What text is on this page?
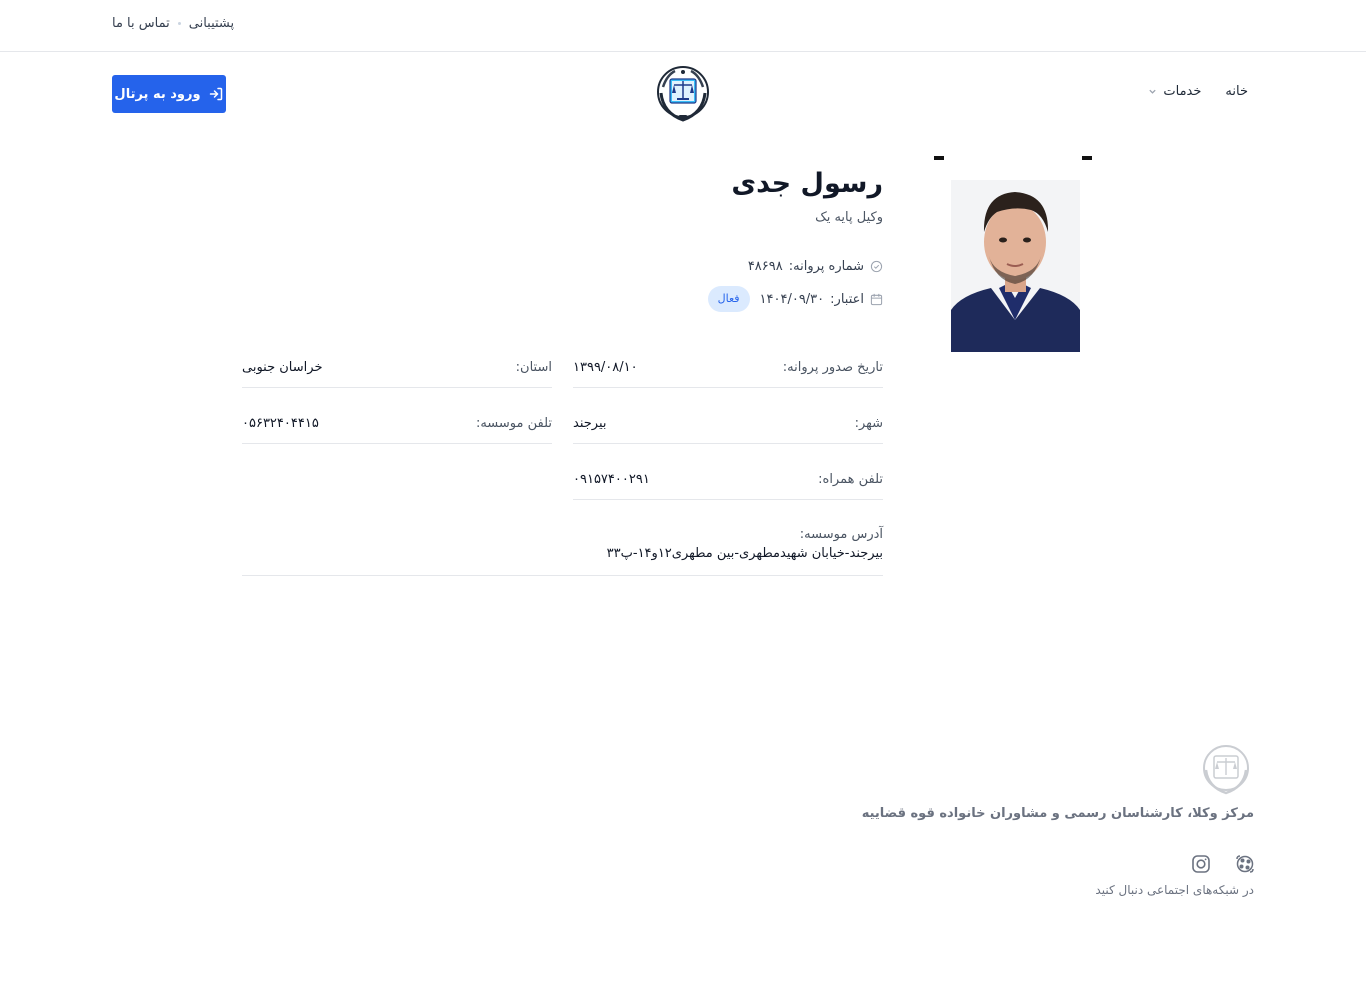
پشتیبانی
تماس با ما
ورود به پرتال	خانه
خدمات
رسول جدی
وکیل پایه یک
شماره پروانه:
۴۸۶۹۸
اعتبار:
۱۴۰۴/۰۹/۳۰
فعال
تاریخ صدور پروانه:
۱۳۹۹/۰۸/۱۰
استان:
خراسان جنوبی
شهر:
بیرجند
تلفن موسسه:
۰۵۶۳۲۴۰۴۴۱۵
تلفن همراه:
۰۹۱۵۷۴۰۰۲۹۱
آدرس موسسه:
بیرجند-خیابان شهیدمطهری-بین مطهری۱۲و۱۴-پ۳۳
مرکز وکلا، کارشناسان رسمی و مشاوران خانواده قوه قضاییه
در شبکه‌های اجتماعی دنبال کنید
